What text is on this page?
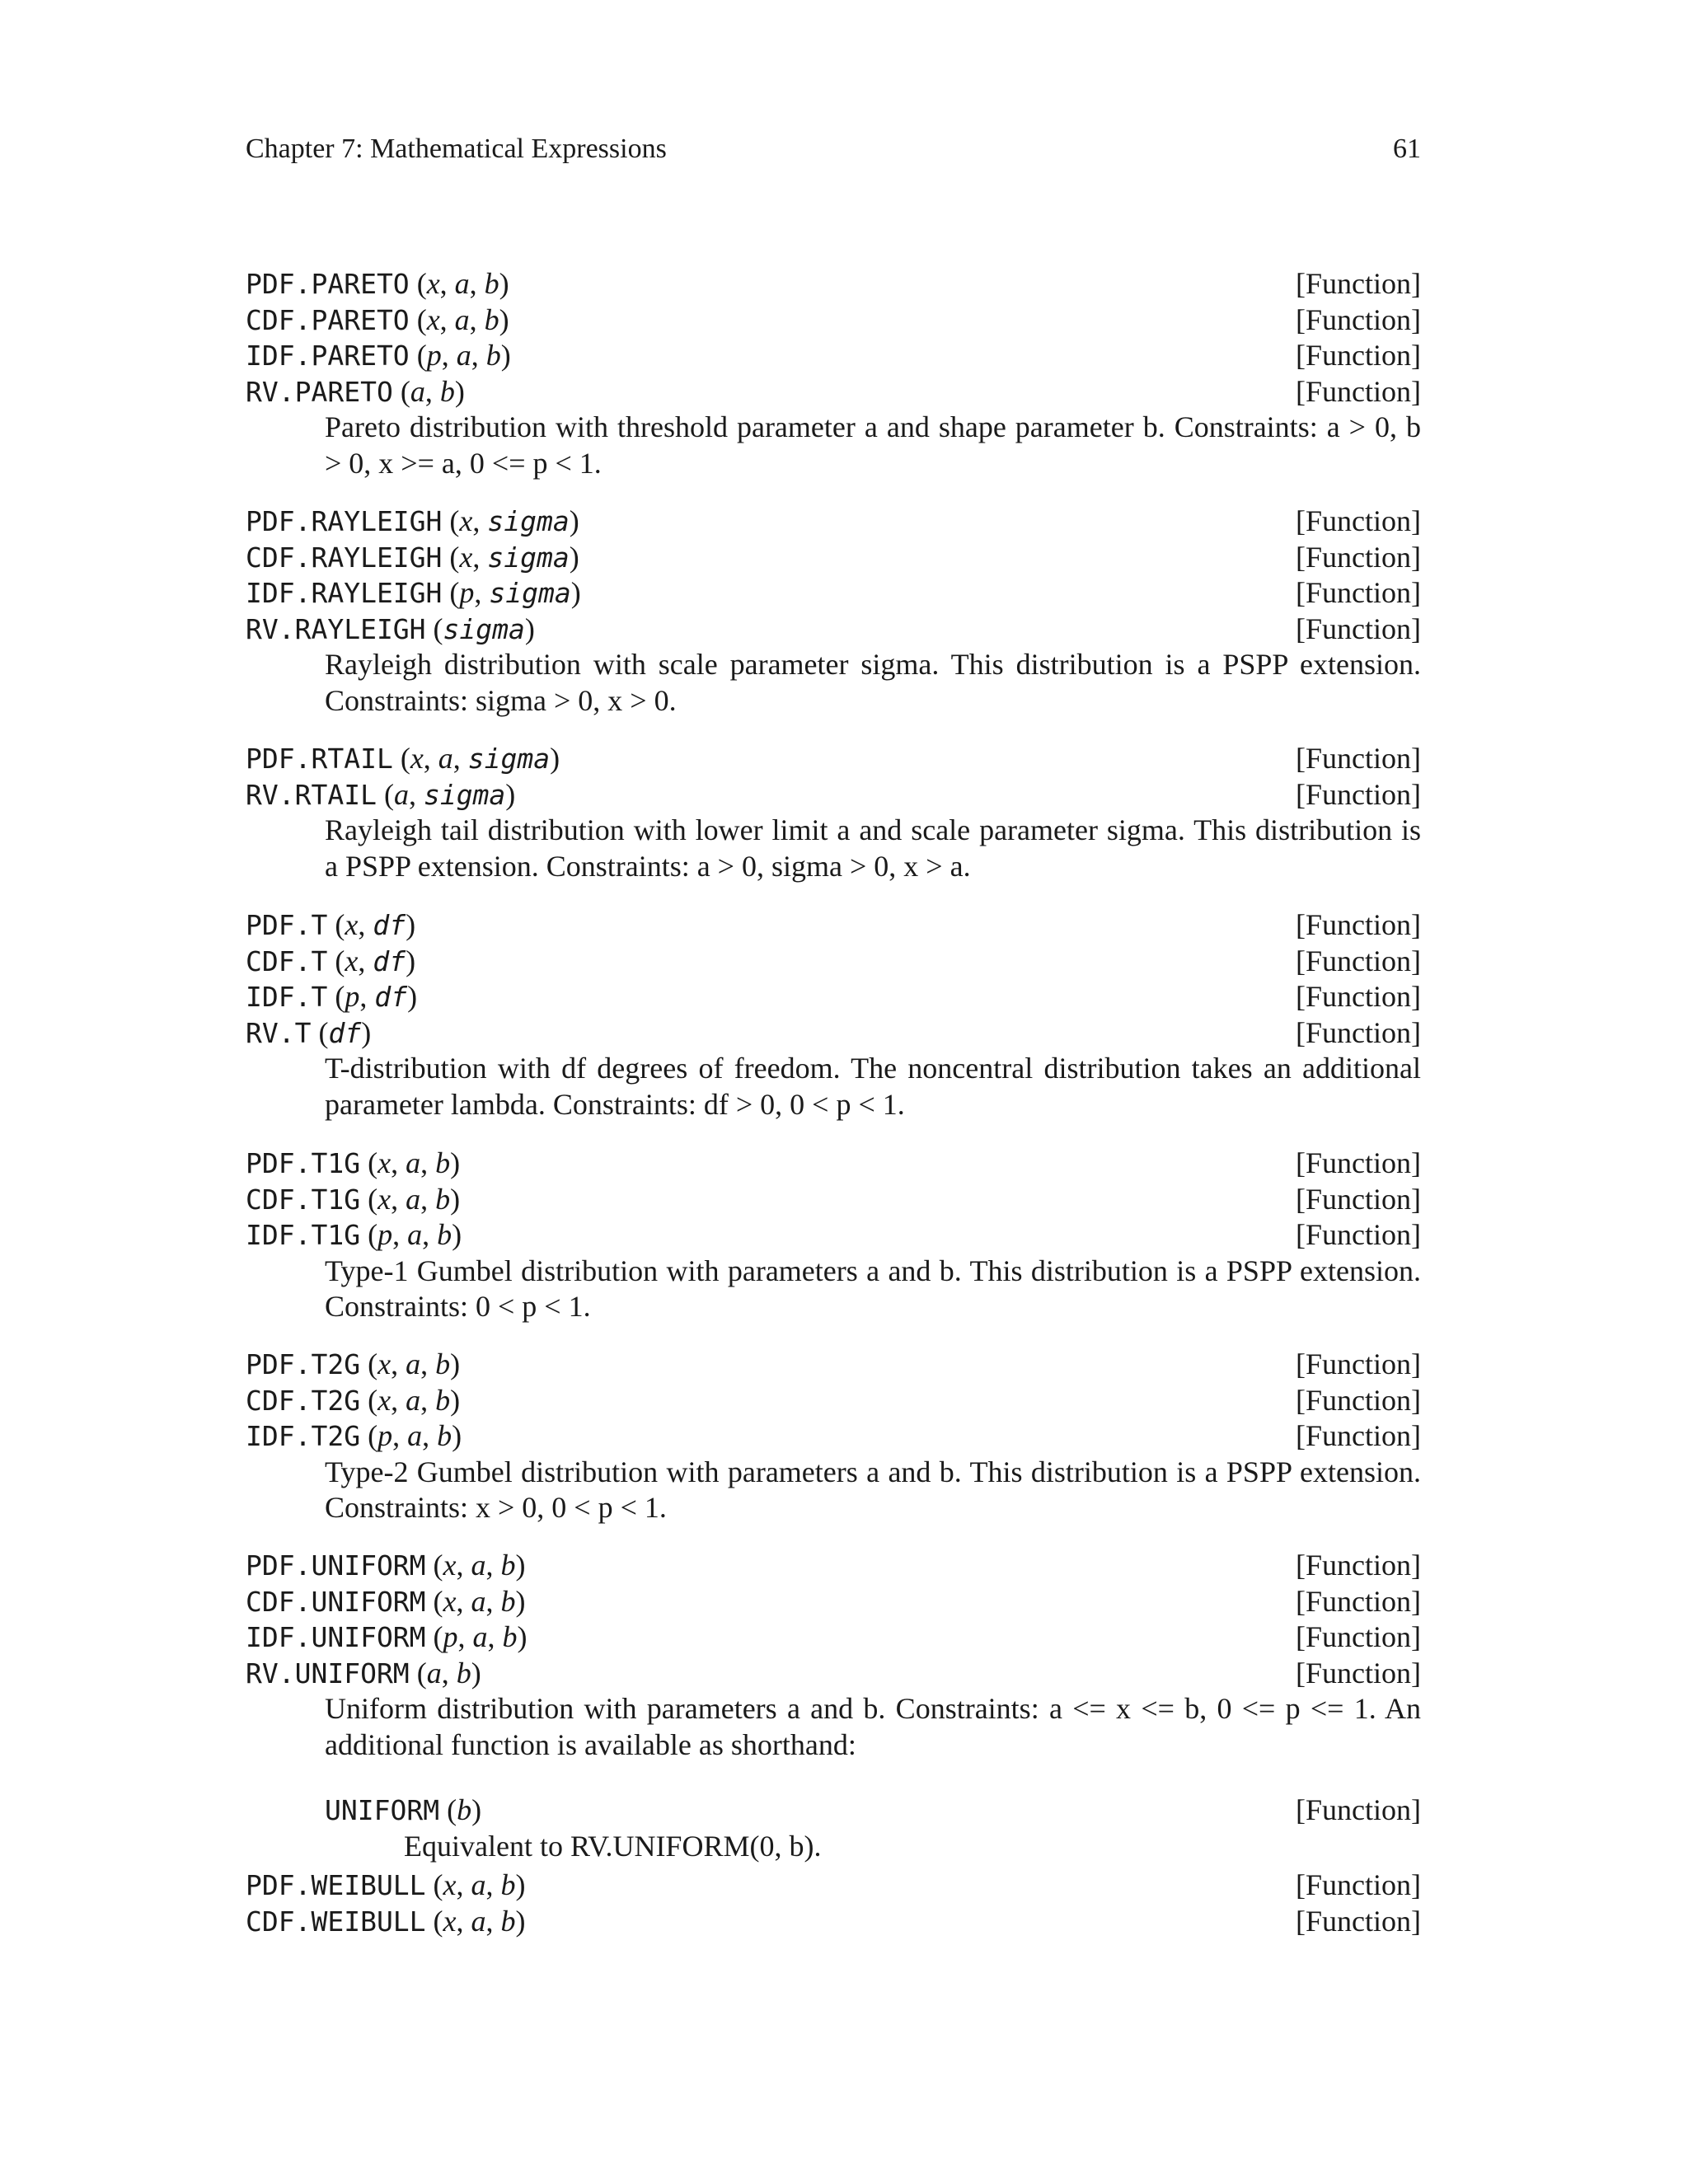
Chapter 7: Mathematical Expressions	61
PDF.PARETO (x, a, b)	[Function]
CDF.PARETO (x, a, b)	[Function]
IDF.PARETO (p, a, b)	[Function]
RV.PARETO (a, b)	[Function]
Pareto distribution with threshold parameter a and shape parameter b. Constraints: a > 0, b > 0, x >= a, 0 <= p < 1.
PDF.RAYLEIGH (x, sigma)	[Function]
CDF.RAYLEIGH (x, sigma)	[Function]
IDF.RAYLEIGH (p, sigma)	[Function]
RV.RAYLEIGH (sigma)	[Function]
Rayleigh distribution with scale parameter sigma. This distribution is a PSPP extension. Constraints: sigma > 0, x > 0.
PDF.RTAIL (x, a, sigma)	[Function]
RV.RTAIL (a, sigma)	[Function]
Rayleigh tail distribution with lower limit a and scale parameter sigma. This distribution is a PSPP extension. Constraints: a > 0, sigma > 0, x > a.
PDF.T (x, df)	[Function]
CDF.T (x, df)	[Function]
IDF.T (p, df)	[Function]
RV.T (df)	[Function]
T-distribution with df degrees of freedom. The noncentral distribution takes an additional parameter lambda. Constraints: df > 0, 0 < p < 1.
PDF.T1G (x, a, b)	[Function]
CDF.T1G (x, a, b)	[Function]
IDF.T1G (p, a, b)	[Function]
Type-1 Gumbel distribution with parameters a and b. This distribution is a PSPP extension. Constraints: 0 < p < 1.
PDF.T2G (x, a, b)	[Function]
CDF.T2G (x, a, b)	[Function]
IDF.T2G (p, a, b)	[Function]
Type-2 Gumbel distribution with parameters a and b. This distribution is a PSPP extension. Constraints: x > 0, 0 < p < 1.
PDF.UNIFORM (x, a, b)	[Function]
CDF.UNIFORM (x, a, b)	[Function]
IDF.UNIFORM (p, a, b)	[Function]
RV.UNIFORM (a, b)	[Function]
Uniform distribution with parameters a and b. Constraints: a <= x <= b, 0 <= p <= 1. An additional function is available as shorthand:
UNIFORM (b)	[Function]
Equivalent to RV.UNIFORM(0, b).
PDF.WEIBULL (x, a, b)	[Function]
CDF.WEIBULL (x, a, b)	[Function]
